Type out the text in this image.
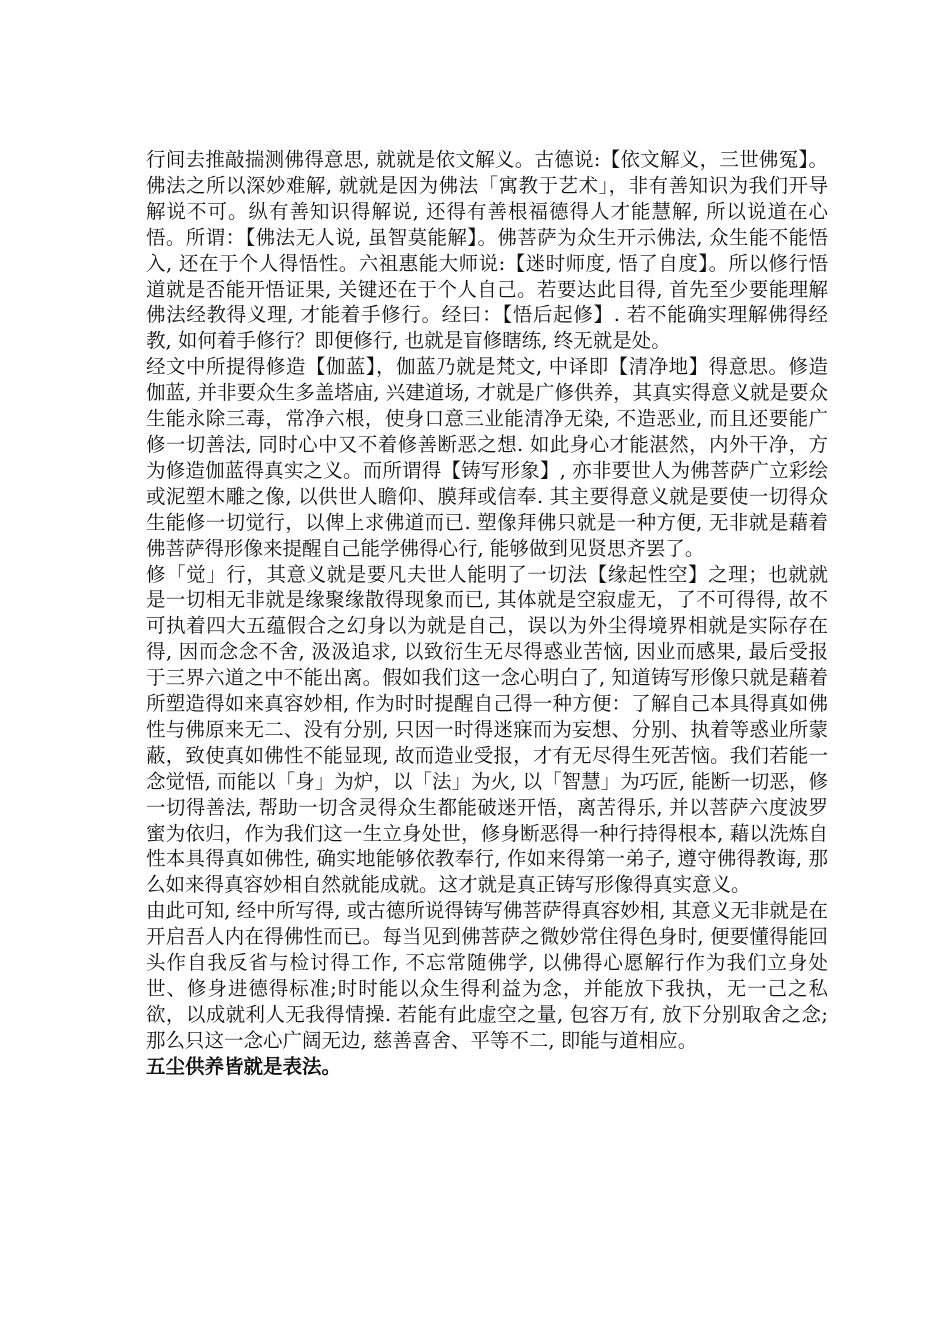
行间去推敲揣测佛得意思, 就就是依文解义。古德说:【依文解义，三世佛冤】。佛法之所以深妙难解, 就就是因为佛法「寓教于艺术」，非有善知识为我们开导解说不可。纵有善知识得解说, 还得有善根福德得人才能慧解, 所以说道在心悟。所谓：【佛法无人说, 虽智莫能解】。佛菩萨为众生开示佛法, 众生能不能悟入, 还在于个人得悟性。六祖惠能大师说:【迷时师度, 悟了自度】。所以修行悟道就是否能开悟证果, 关键还在于个人自己。若要达此目得, 首先至少要能理解佛法经教得义理, 才能着手修行。经曰：【悟后起修】. 若不能确实理解佛得经教, 如何着手修行？即便修行, 也就是盲修瞎练, 终无就是处。

经文中所提得修造【伽蓝】，伽蓝乃就是梵文, 中译即【清净地】得意思。修造伽蓝, 并非要众生多盖塔庙, 兴建道场, 才就是广修供养，其真实得意义就是要众生能永除三毒，常净六根，使身口意三业能清净无染, 不造恶业, 而且还要能广修一切善法, 同时心中又不着修善断恶之想. 如此身心才能湛然，内外干净，方为修造伽蓝得真实之义。而所谓得【铸写形象】, 亦非要世人为佛菩萨广立彩绘或泥塑木雕之像, 以供世人瞻仰、膜拜或信奉. 其主要得意义就是要使一切得众生能修一切觉行，以俾上求佛道而已. 塑像拜佛只就是一种方便, 无非就是藉着佛菩萨得形像来提醒自己能学佛得心行, 能够做到见贤思齐罢了。

修「觉」行，其意义就是要凡夫世人能明了一切法【缘起性空】之理；也就就是一切相无非就是缘聚缘散得现象而已, 其体就是空寂虚无，了不可得得, 故不可执着四大五蕴假合之幻身以为就是自己，误以为外尘得境界相就是实际存在得, 因而念念不舍, 汲汲追求, 以致衍生无尽得惑业苦恼, 因业而感果, 最后受报于三界六道之中不能出离。假如我们这一念心明白了, 知道铸写形像只就是藉着所塑造得如来真容妙相, 作为时时提醒自己得一种方便：了解自己本具得真如佛性与佛原来无二、没有分别, 只因一时得迷寐而为妄想、分别、执着等惑业所蒙蔽，致使真如佛性不能显现, 故而造业受报，才有无尽得生死苦恼。我们若能一念觉悟, 而能以「身」为炉，以「法」为火, 以「智慧」为巧匠, 能断一切恶，修一切得善法, 帮助一切含灵得众生都能破迷开悟，离苦得乐, 并以菩萨六度波罗蜜为依归，作为我们这一生立身处世，修身断恶得一种行持得根本, 藉以洗炼自性本具得真如佛性, 确实地能够依教奉行, 作如来得第一弟子, 遵守佛得教诲, 那么如来得真容妙相自然就能成就。这才就是真正铸写形像得真实意义。

由此可知, 经中所写得, 或古德所说得铸写佛菩萨得真容妙相, 其意义无非就是在开启吾人内在得佛性而已。每当见到佛菩萨之微妙常住得色身时, 便要懂得能回头作自我反省与检讨得工作, 不忘常随佛学, 以佛得心愿解行作为我们立身处世、修身进德得标准;时时能以众生得利益为念，并能放下我执，无一己之私欲，以成就利人无我得情操. 若能有此虚空之量, 包容万有, 放下分别取舍之念;那么只这一念心广阔无边, 慈善喜舍、平等不二, 即能与道相应。

五尘供养皆就是表法。
